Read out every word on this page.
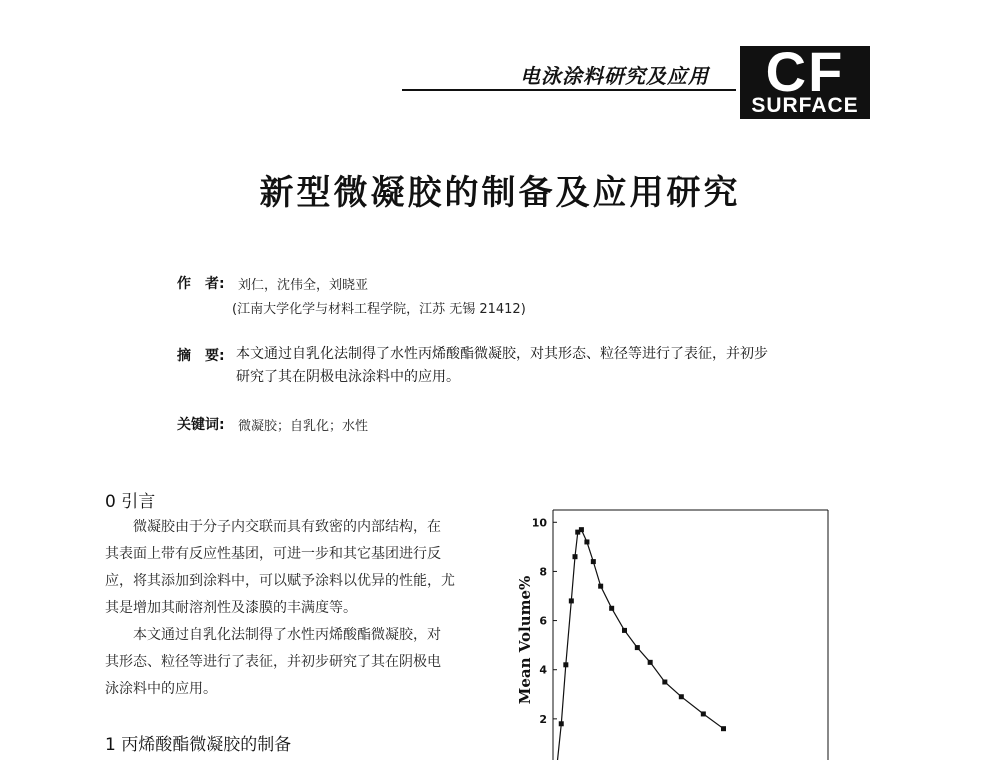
电泳涂料研究及应用	CF
SURFACE
新型微凝胶的制备及应用研究
作　者: 刘仁，沈伟全，刘晓亚
(江南大学化学与材料工程学院，江苏 无锡 21412)
摘　要: 本文通过自乳化法制得了水性丙烯酸酯微凝胶，对其形态、粒径等进行了表征，并初步
研究了其在阴极电泳涂料中的应用。
关键词: 微凝胶；自乳化；水性
0 引言
微凝胶由于分子内交联而具有致密的内部结构，在
其表面上带有反应性基团，可进一步和其它基团进行反
应，将其添加到涂料中，可以赋予涂料以优异的性能，尤
其是增加其耐溶剂性及漆膜的丰满度等。
本文通过自乳化法制得了水性丙烯酸酯微凝胶，对
其形态、粒径等进行了表征，并初步研究了其在阴极电
泳涂料中的应用。
1 丙烯酸酯微凝胶的制备
2
4
6
8
10
Mean Volume%
